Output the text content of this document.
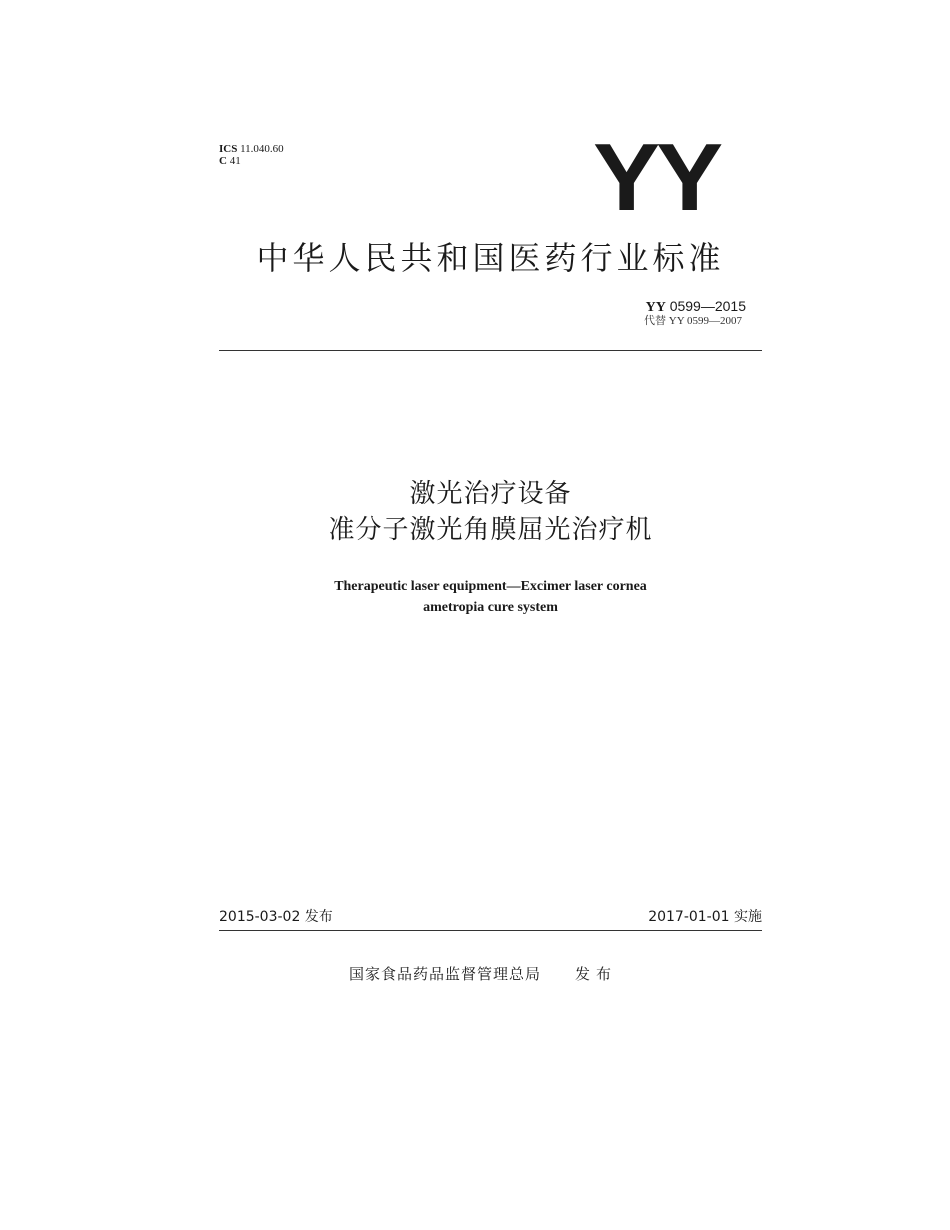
ICS 11.040.60
C 41	YY
中华人民共和国医药行业标准
YY 0599—2015
代替 YY 0599—2007
激光治疗设备
准分子激光角膜屈光治疗机
Therapeutic laser equipment—Excimer laser cornea
ametropia cure system
2015-03-02 发布	2017-01-01 实施
国家食品药品监督管理总局 发布
